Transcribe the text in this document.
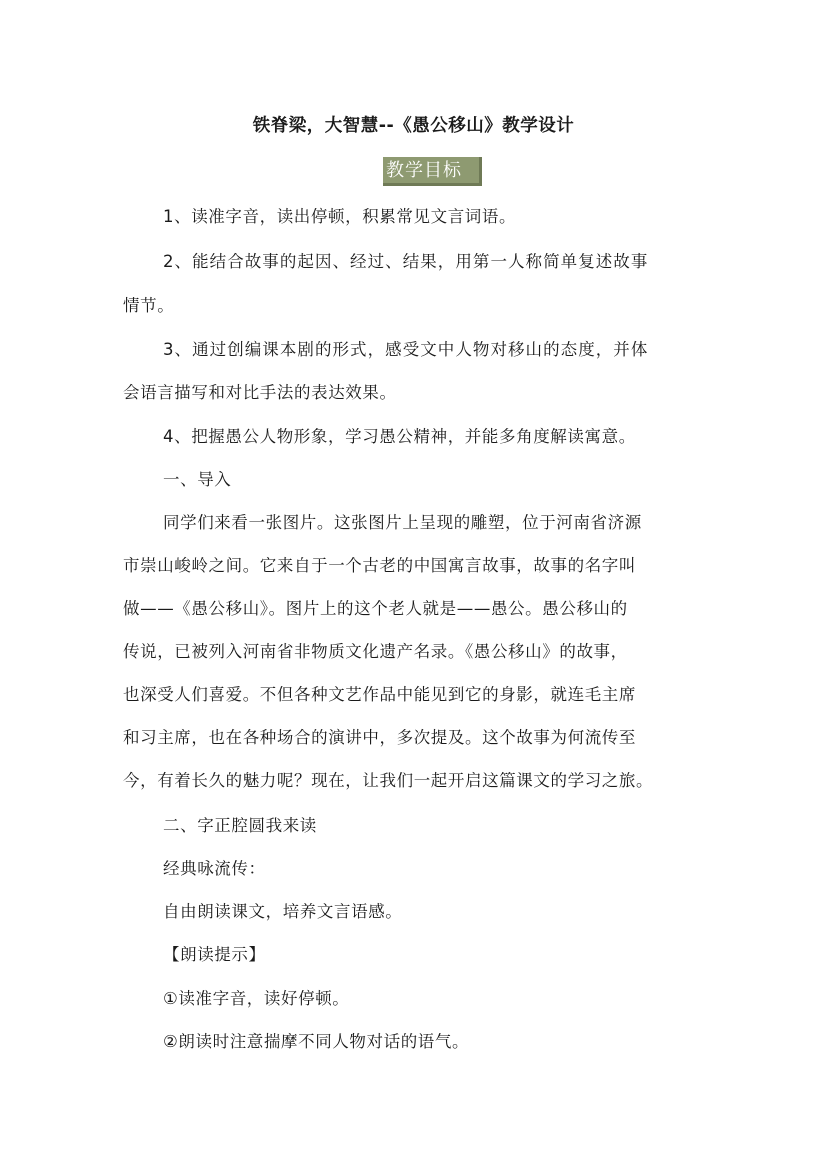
铁脊梁，大智慧--《愚公移山》教学设计
教学目标
1、读准字音，读出停顿，积累常见文言词语。
2、能结合故事的起因、经过、结果，用第一人称简单复述故事
情节。
3、通过创编课本剧的形式，感受文中人物对移山的态度，并体
会语言描写和对比手法的表达效果。
4、把握愚公人物形象，学习愚公精神，并能多角度解读寓意。
一、导入
同学们来看一张图片。这张图片上呈现的雕塑，位于河南省济源
市崇山峻岭之间。它来自于一个古老的中国寓言故事，故事的名字叫
做——《愚公移山》。图片上的这个老人就是——愚公。愚公移山的
传说，已被列入河南省非物质文化遗产名录。《愚公移山》的故事，
也深受人们喜爱。不但各种文艺作品中能见到它的身影，就连毛主席
和习主席，也在各种场合的演讲中，多次提及。这个故事为何流传至
今，有着长久的魅力呢？现在，让我们一起开启这篇课文的学习之旅。
二、字正腔圆我来读
经典咏流传：
自由朗读课文，培养文言语感。
【朗读提示】
①读准字音，读好停顿。
②朗读时注意揣摩不同人物对话的语气。
